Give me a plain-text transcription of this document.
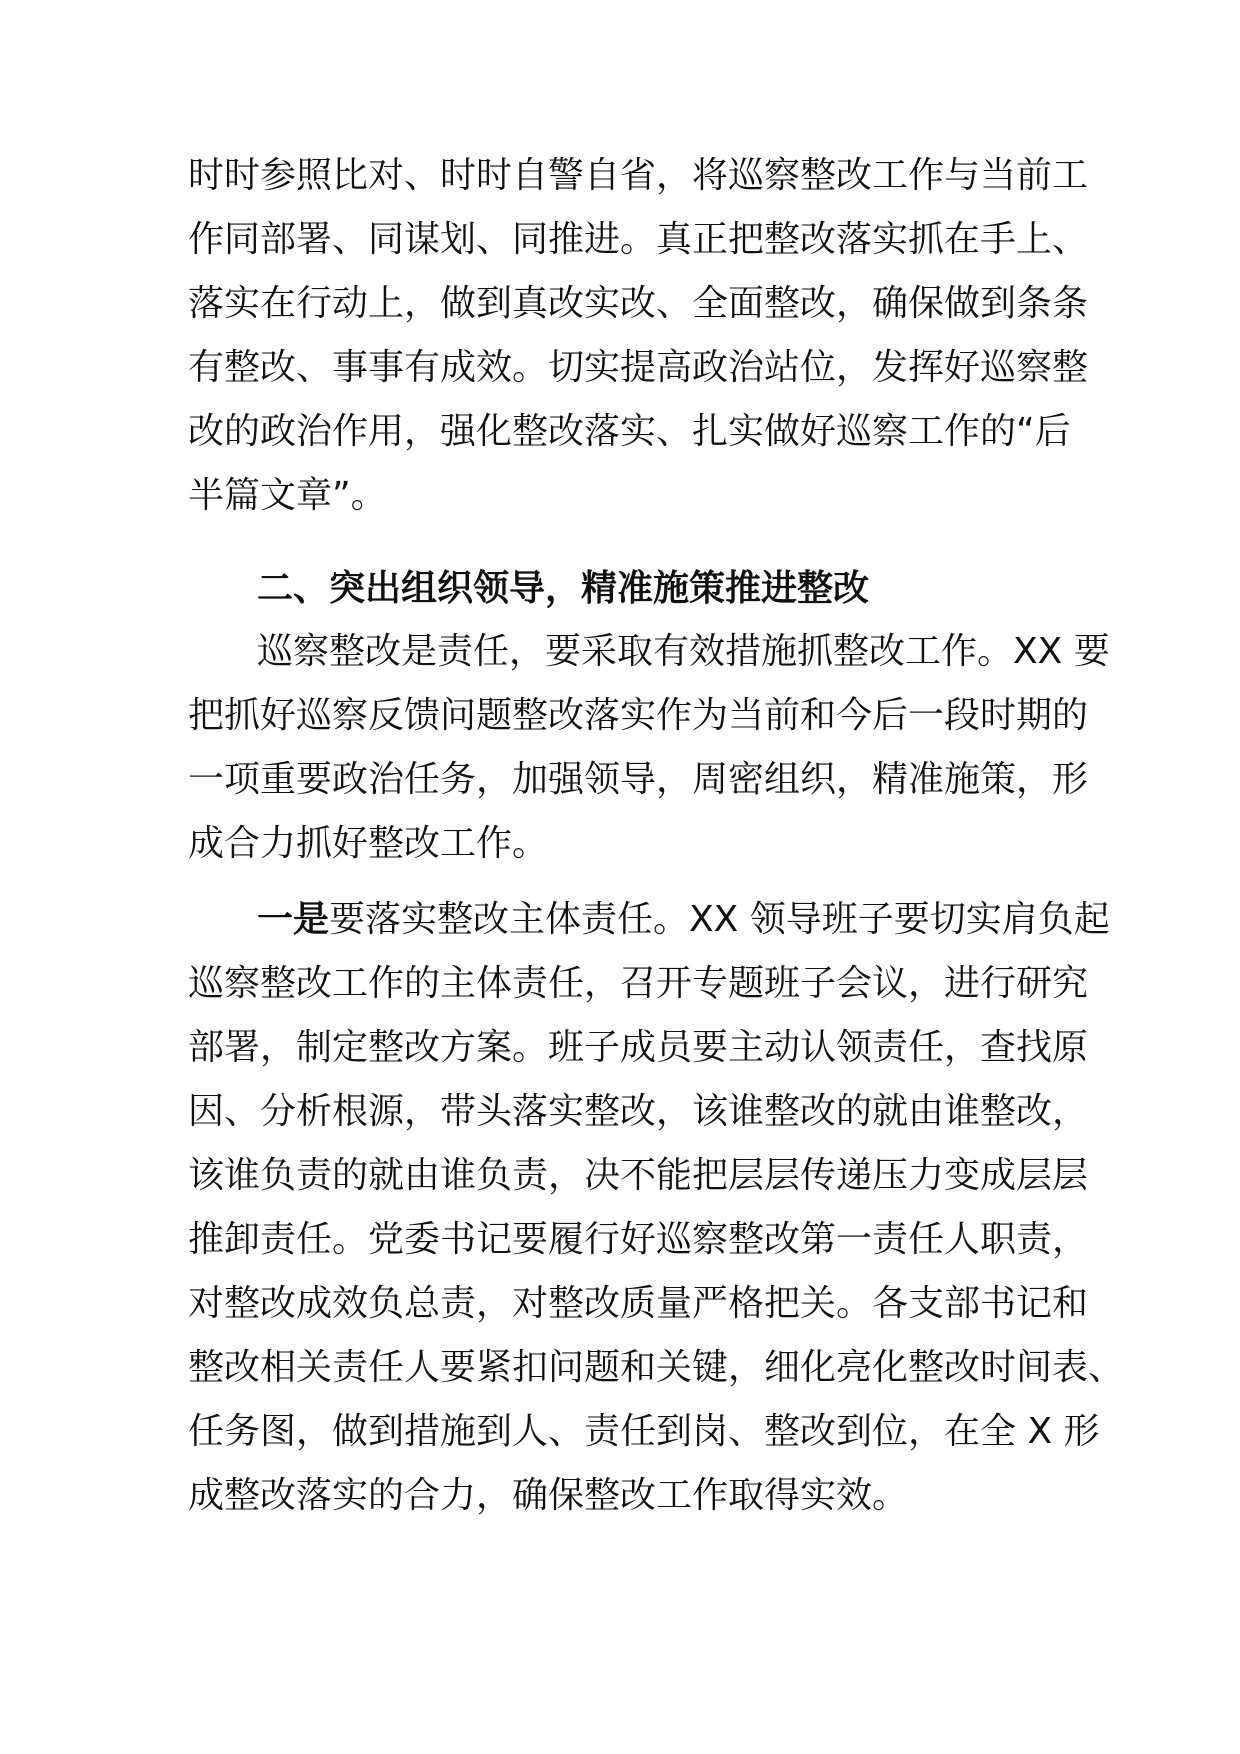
时时参照比对、时时自警自省，将巡察整改工作与当前工
作同部署、同谋划、同推进。真正把整改落实抓在手上、
落实在行动上，做到真改实改、全面整改，确保做到条条
有整改、事事有成效。切实提高政治站位，发挥好巡察整
改的政治作用，强化整改落实、扎实做好巡察工作的“后
半篇文章”。
二、突出组织领导，精准施策推进整改
巡察整改是责任，要采取有效措施抓整改工作。XX 要
把抓好巡察反馈问题整改落实作为当前和今后一段时期的
一项重要政治任务，加强领导，周密组织，精准施策，形
成合力抓好整改工作。
一是要落实整改主体责任。XX 领导班子要切实肩负起
巡察整改工作的主体责任，召开专题班子会议，进行研究
部署，制定整改方案。班子成员要主动认领责任，查找原
因、分析根源，带头落实整改，该谁整改的就由谁整改，
该谁负责的就由谁负责，决不能把层层传递压力变成层层
推卸责任。党委书记要履行好巡察整改第一责任人职责，
对整改成效负总责，对整改质量严格把关。各支部书记和
整改相关责任人要紧扣问题和关键，细化亮化整改时间表、
任务图，做到措施到人、责任到岗、整改到位，在全 X 形
成整改落实的合力，确保整改工作取得实效。
